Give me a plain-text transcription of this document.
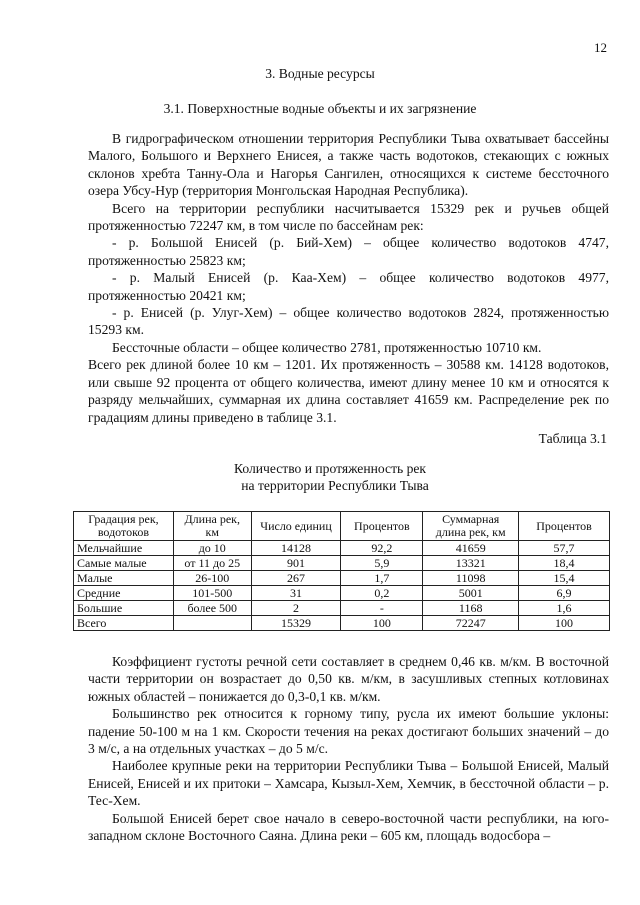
12
3. Водные ресурсы
3.1. Поверхностные водные объекты и их загрязнение

В гидрографическом отношении территория Республики Тыва охватывает бассейны Малого, Большого и Верхнего Енисея, а также часть водотоков, стекающих с южных склонов хребта Танну-Ола и Нагорья Сангилен, относящихся к системе бессточного озера Убсу-Нур (территория Монгольская Народная Республика).

Всего на территории республики насчитывается 15329 рек и ручьев общей протяженностью 72247 км, в том числе по бассейнам рек:

- р. Большой Енисей (р. Бий-Хем) – общее количество водотоков 4747, протяженностью 25823 км;

- р. Малый Енисей (р. Каа-Хем) – общее количество водотоков 4977, протяженностью 20421 км;

- р. Енисей (р. Улуг-Хем) – общее количество водотоков 2824, протяженностью 15293 км.

Бессточные области – общее количество 2781, протяженностью 10710 км.

Всего рек длиной более 10 км – 1201. Их протяженность – 30588 км. 14128 водотоков, или свыше 92 процента от общего количества, имеют длину менее 10 км и относятся к разряду мельчайших, суммарная их длина составляет 41659 км. Распределение рек по градациям длины приведено в таблице 3.1.

Таблица 3.1
Количество и протяженность рек
на территории Республики Тыва
Градация рек, водотоков	Длина рек, км	Число единиц	Процентов	Суммарная длина рек, км	Процентов
Мельчайшие	до 10	14128	92,2	41659	57,7
Самые малые	от 11 до 25	901	5,9	13321	18,4
Малые	26-100	267	1,7	11098	15,4
Средние	101-500	31	0,2	5001	6,9
Большие	более 500	2	-	1168	1,6
Всего		15329	100	72247	100

Коэффициент густоты речной сети составляет в среднем 0,46 кв. м/км. В восточной части территории он возрастает до 0,50 кв. м/км, в засушливых степных котловинах южных областей – понижается до 0,3-0,1 кв. м/км.

Большинство рек относится к горному типу, русла их имеют большие уклоны: падение 50-100 м на 1 км. Скорости течения на реках достигают больших значений – до 3 м/с, а на отдельных участках – до 5 м/с.

Наиболее крупные реки на территории Республики Тыва – Большой Енисей, Малый Енисей, Енисей и их притоки – Хамсара, Кызыл-Хем, Хемчик, в бессточной области – р. Тес-Хем.

Большой Енисей берет свое начало в северо-восточной части республики, на юго-западном склоне Восточного Саяна. Длина реки – 605 км, площадь водосбора –
